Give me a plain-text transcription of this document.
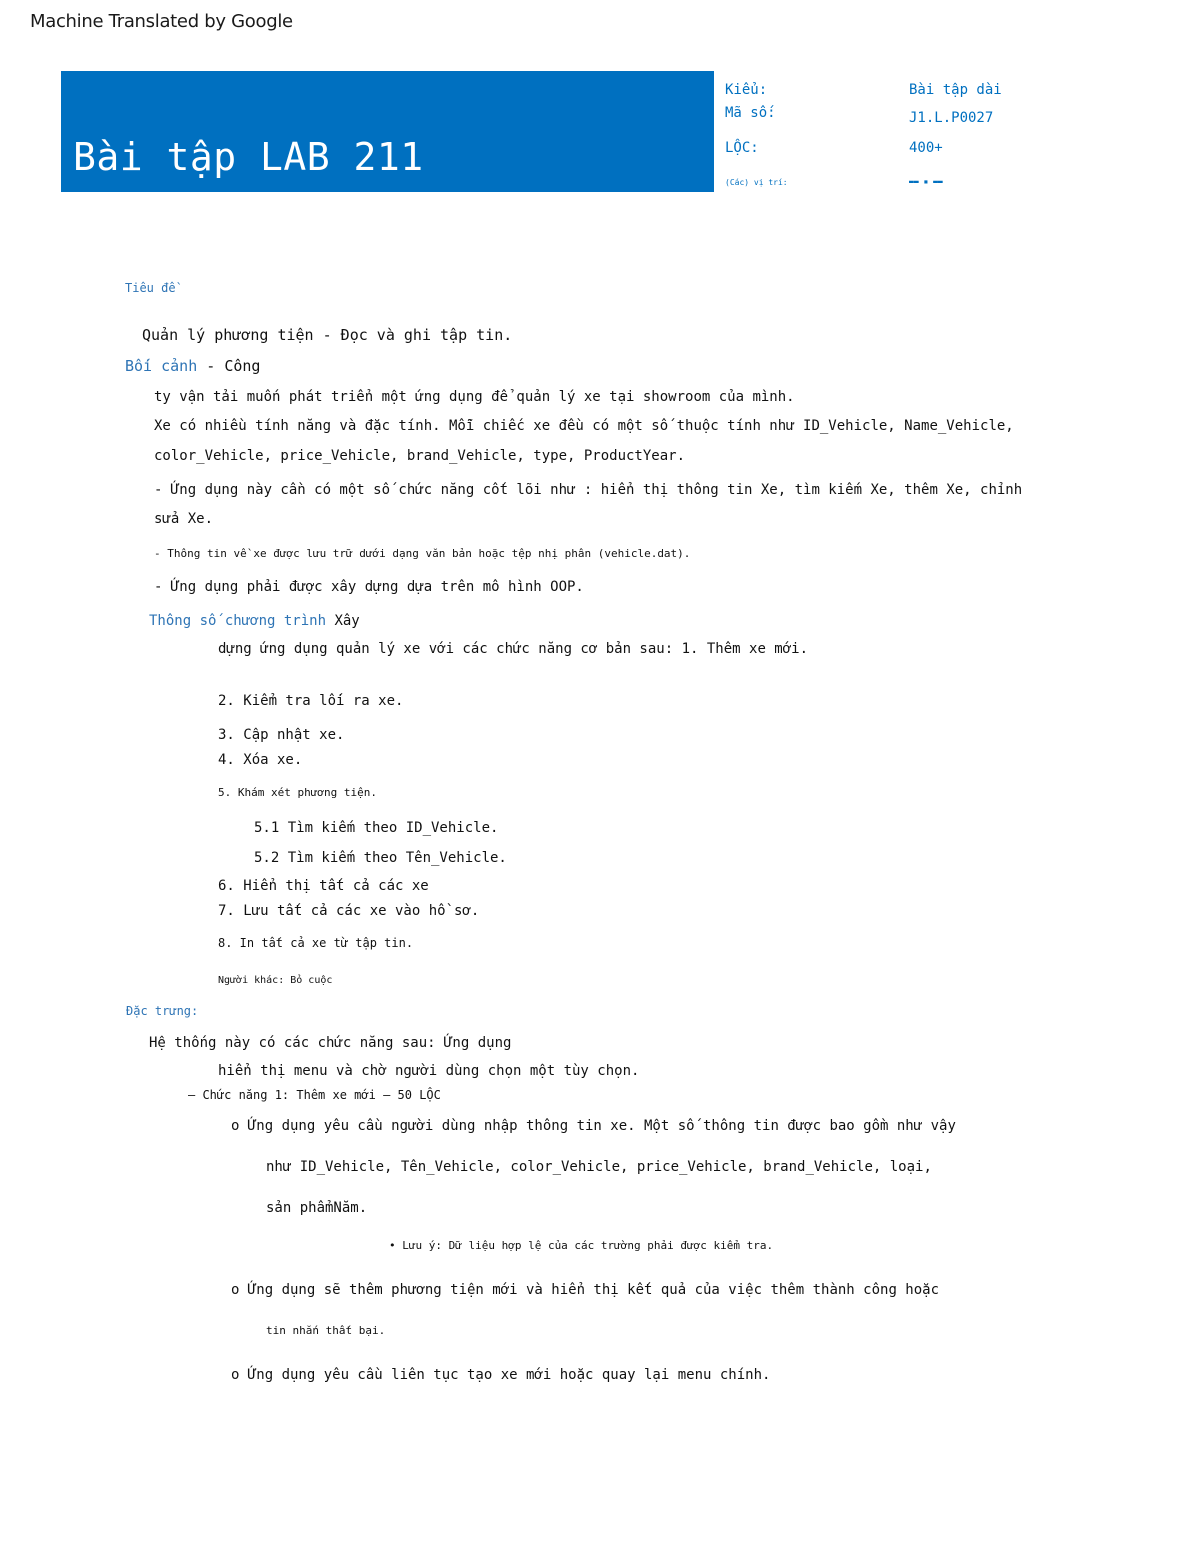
Machine Translated by Google
Bài tập LAB 211
Kiểu:	Bài tập dài
Mã số:	J1.L.P0027
LỘC:	400+
(Các) vị trí:	▬▬ ▪ ▬▬
Tiêu đề
Quản lý phương tiện - Đọc và ghi tập tin.
Bối cảnh - Công
ty vận tải muốn phát triển một ứng dụng để quản lý xe tại showroom của mình.
Xe có nhiều tính năng và đặc tính. Mỗi chiếc xe đều có một số thuộc tính như ID_Vehicle, Name_Vehicle,
color_Vehicle, price_Vehicle, brand_Vehicle, type, ProductYear.
- Ứng dụng này cần có một số chức năng cốt lõi như : hiển thị thông tin Xe, tìm kiếm Xe, thêm Xe, chỉnh
sửa Xe.
- Thông tin về xe được lưu trữ dưới dạng văn bản hoặc tệp nhị phân (vehicle.dat).
- Ứng dụng phải được xây dựng dựa trên mô hình OOP.
Thông số chương trình Xây
dựng ứng dụng quản lý xe với các chức năng cơ bản sau: 1. Thêm xe mới.
2. Kiểm tra lối ra xe.
3. Cập nhật xe.
4. Xóa xe.
5. Khám xét phương tiện.
5.1 Tìm kiếm theo ID_Vehicle.
5.2 Tìm kiếm theo Tên_Vehicle.
6. Hiển thị tất cả các xe
7. Lưu tất cả các xe vào hồ sơ.
8. In tất cả xe từ tập tin.
Người khác: Bỏ cuộc
Đặc trưng:
Hệ thống này có các chức năng sau: Ứng dụng
hiển thị menu và chờ người dùng chọn một tùy chọn.
– Chức năng 1: Thêm xe mới – 50 LỘC
o Ứng dụng yêu cầu người dùng nhập thông tin xe. Một số thông tin được bao gồm như vậy
như ID_Vehicle, Tên_Vehicle, color_Vehicle, price_Vehicle, brand_Vehicle, loại,
sản phẩmNăm.
• Lưu ý: Dữ liệu hợp lệ của các trường phải được kiểm tra.
o Ứng dụng sẽ thêm phương tiện mới và hiển thị kết quả của việc thêm thành công hoặc
tin nhắn thất bại.
o Ứng dụng yêu cầu liên tục tạo xe mới hoặc quay lại menu chính.
